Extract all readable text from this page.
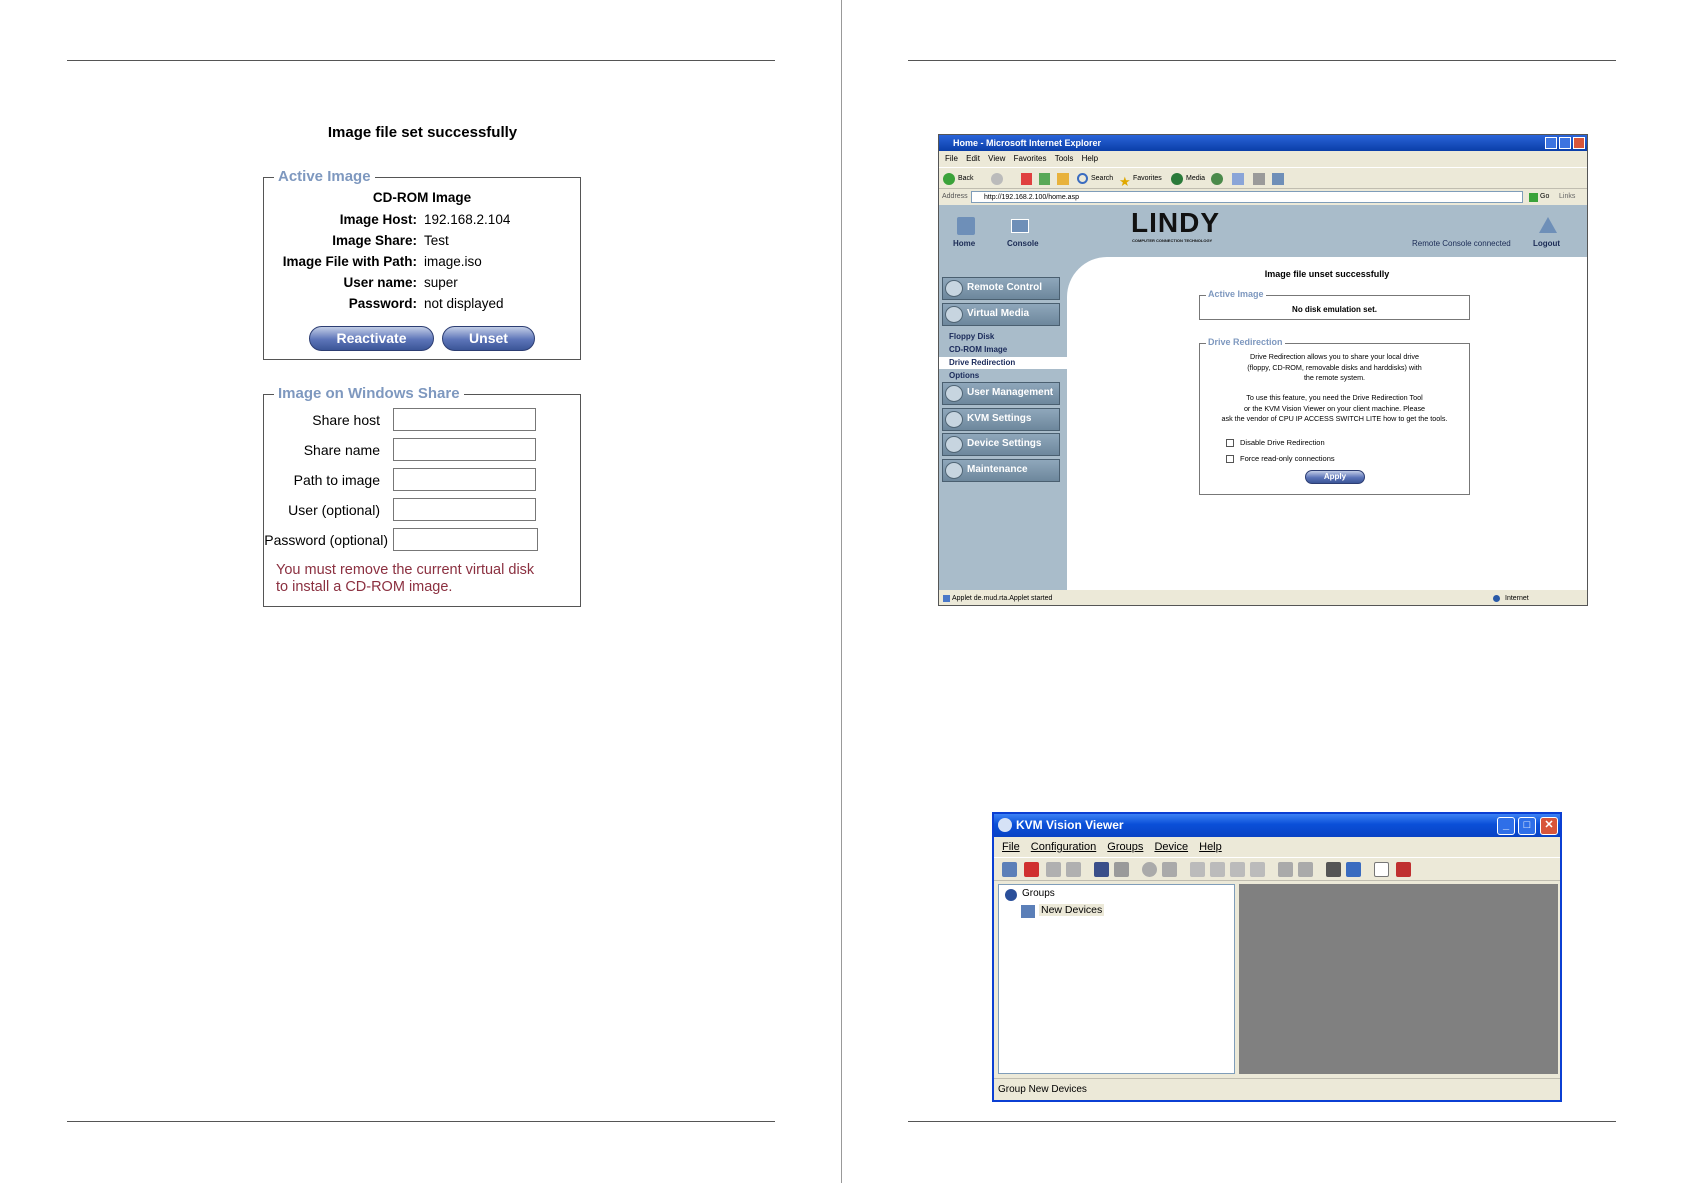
Image file set successfully
Active Image
CD-ROM Image
Reactivate	Unset
Image Host: 192.168.2.104
Image Share: Test
Image File with Path: image.iso
User name: super
Password: not displayed
Image on Windows Share
Share host
Share name
Path to image
User (optional)
Password (optional)
You must remove the current virtual disk
to install a CD-ROM image.
Home - Microsoft Internet Explorer
File Edit View Favorites Tools Help
Back	Search ★ Favorites	Media
Address	http://192.168.2.100/home.asp	Go Links
Home	Console
LINDY
COMPUTER CONNECTION TECHNOLOGY	Remote Console connected	Logout
Remote Control
Virtual Media
Floppy Disk
CD-ROM Image
Drive Redirection
Options
User Management
KVM Settings
Device Settings
Maintenance
Image file unset successfully
Active Image
No disk emulation set.
Drive Redirection
Drive Redirection allows you to share your local drive
(floppy, CD-ROM, removable disks and harddisks) with
the remote system.
To use this feature, you need the Drive Redirection Tool
or the KVM Vision Viewer on your client machine. Please
ask the vendor of CPU IP ACCESS SWITCH LITE how to get the tools.
Disable Drive Redirection
Force read-only connections
Apply
Applet de.mud.rta.Applet started	Internet
KVM Vision Viewer	_	□	✕
File Configuration Groups Device Help
Groups
New Devices
Group New Devices
